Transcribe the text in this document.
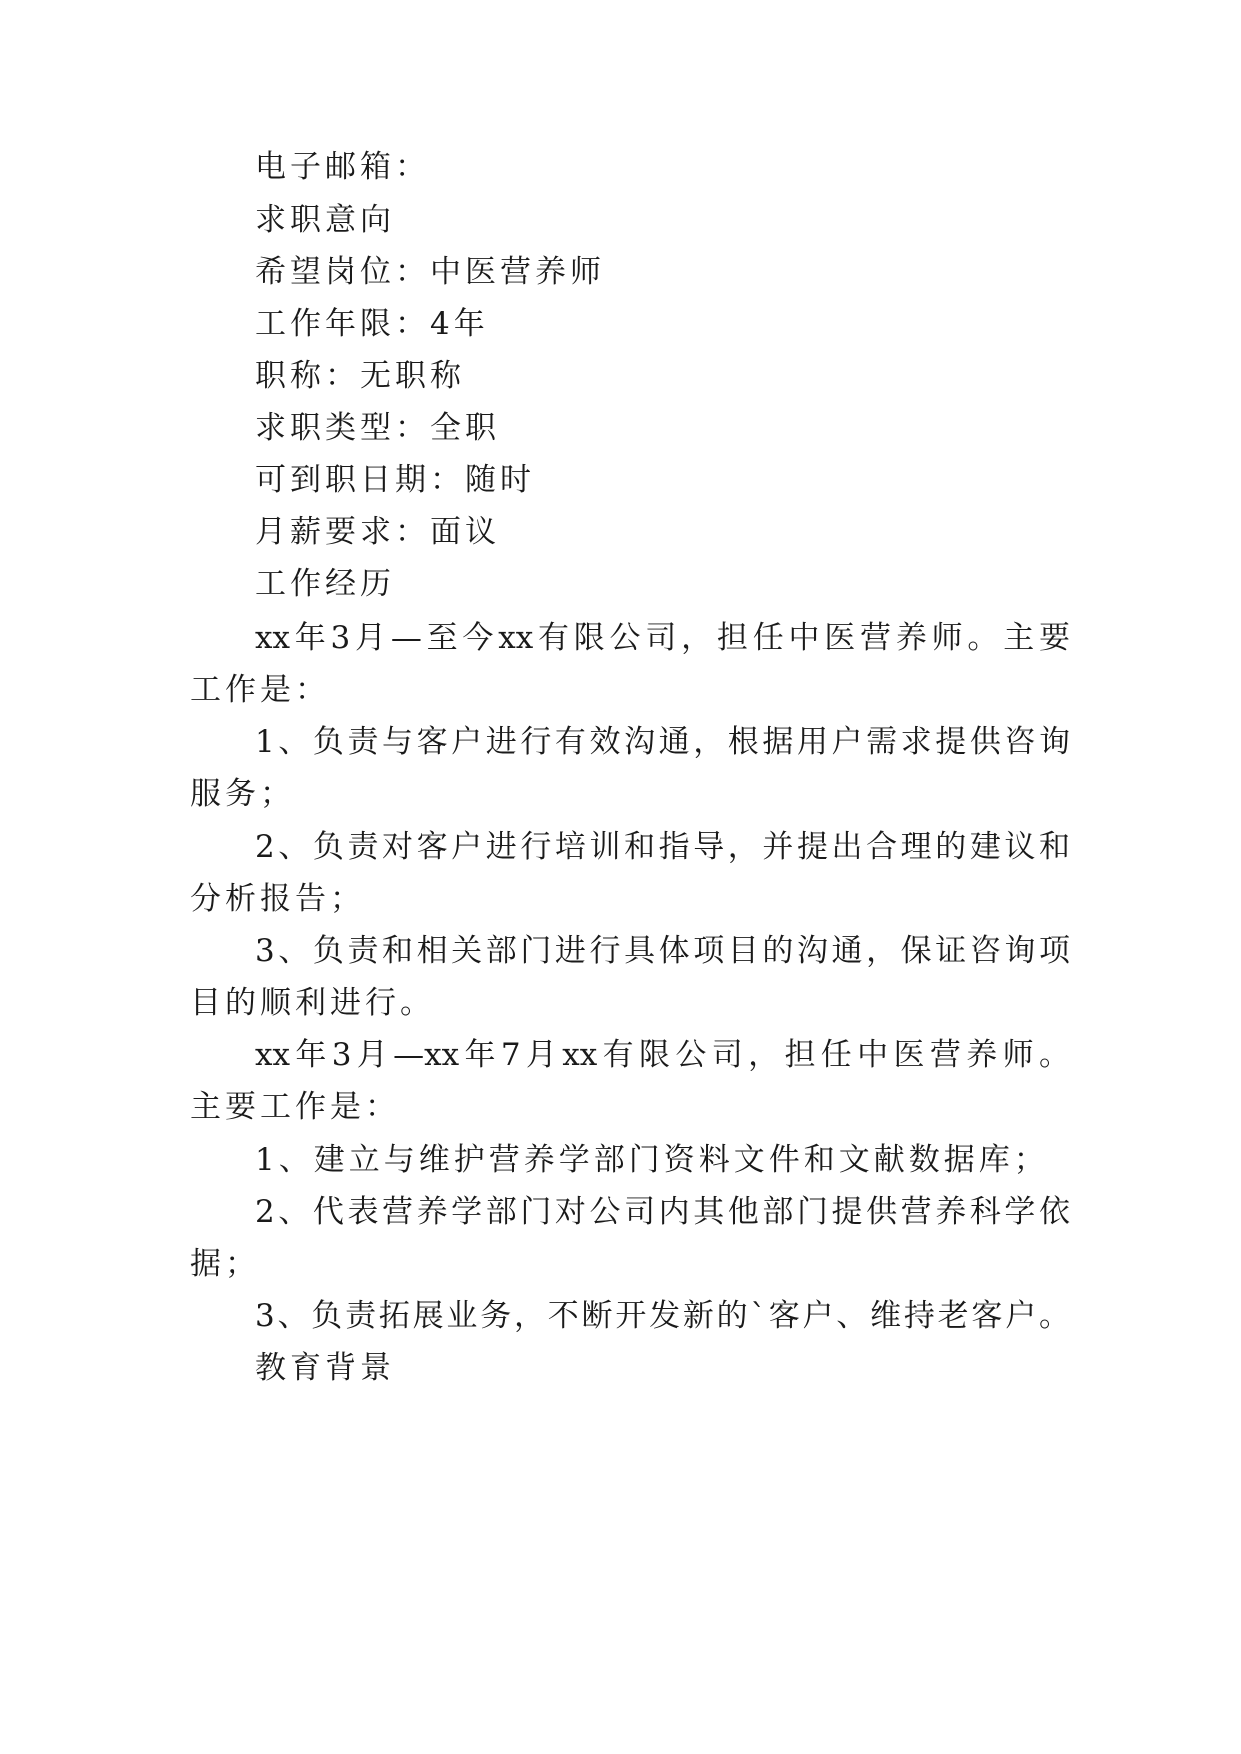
电子邮箱：
求职意向
希望岗位：中医营养师
工作年限：4年
职称：无职称
求职类型：全职
可到职日期：随时
月薪要求：面议
工作经历
xx年3月—至今xx有限公司，担任中医营养师。主要
工作是：
1、负责与客户进行有效沟通，根据用户需求提供咨询
服务；
2、负责对客户进行培训和指导，并提出合理的建议和
分析报告；
3、负责和相关部门进行具体项目的沟通，保证咨询项
目的顺利进行。
xx年3月—xx年7月xx有限公司，担任中医营养师。
主要工作是：
1、建立与维护营养学部门资料文件和文献数据库；
2、代表营养学部门对公司内其他部门提供营养科学依
据；
3、负责拓展业务，不断开发新的`客户、维持老客户。
教育背景
